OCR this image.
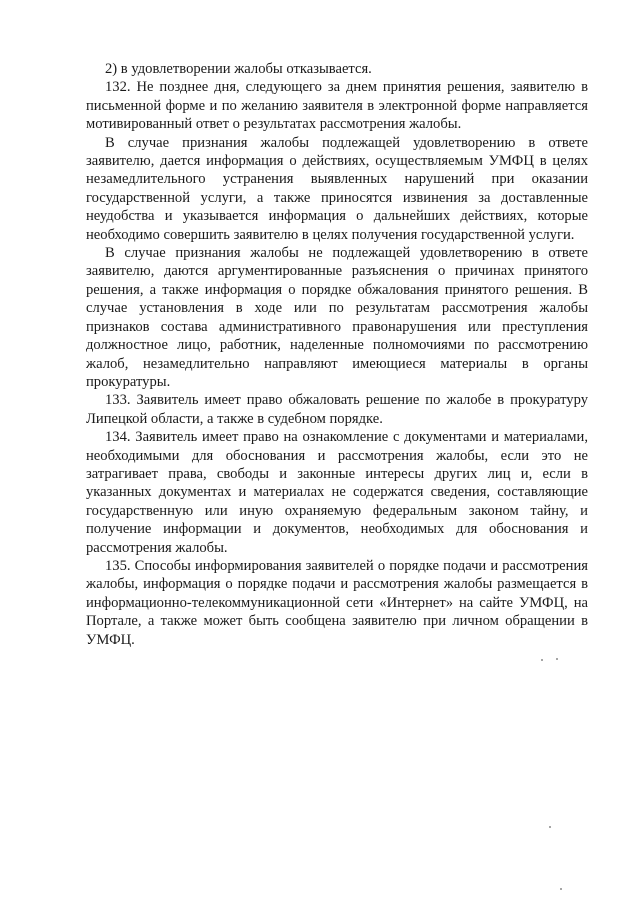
2) в удовлетворении жалобы отказывается.

132. Не позднее дня, следующего за днем принятия решения, заявителю в письменной форме и по желанию заявителя в электронной форме направляется мотивированный ответ о результатах рассмотрения жалобы.

В случае признания жалобы подлежащей удовлетворению в ответе заявителю, дается информация о действиях, осуществляемым УМФЦ в целях незамедлительного устранения выявленных нарушений при оказании государственной услуги, а также приносятся извинения за доставленные неудобства и указывается информация о дальнейших действиях, которые необходимо совершить заявителю в целях получения государственной услуги.

В случае признания жалобы не подлежащей удовлетворению в ответе заявителю, даются аргументированные разъяснения о причинах принятого решения, а также информация о порядке обжалования принятого решения. В случае установления в ходе или по результатам рассмотрения жалобы признаков состава административного правонарушения или преступления должностное лицо, работник, наделенные полномочиями по рассмотрению жалоб, незамедлительно направляют имеющиеся материалы в органы прокуратуры.

133. Заявитель имеет право обжаловать решение по жалобе в прокуратуру Липецкой области, а также в судебном порядке.

134. Заявитель имеет право на ознакомление с документами и материалами, необходимыми для обоснования и рассмотрения жалобы, если это не затрагивает права, свободы и законные интересы других лиц и, если в указанных документах и материалах не содержатся сведения, составляющие государственную или иную охраняемую федеральным законом тайну, и получение информации и документов, необходимых для обоснования и рассмотрения жалобы.

135. Способы информирования заявителей о порядке подачи и рассмотрения жалобы, информация о порядке подачи и рассмотрения жалобы размещается в информационно-телекоммуникационной сети «Интернет» на сайте УМФЦ, на Портале, а также может быть сообщена заявителю при личном обращении в УМФЦ.
